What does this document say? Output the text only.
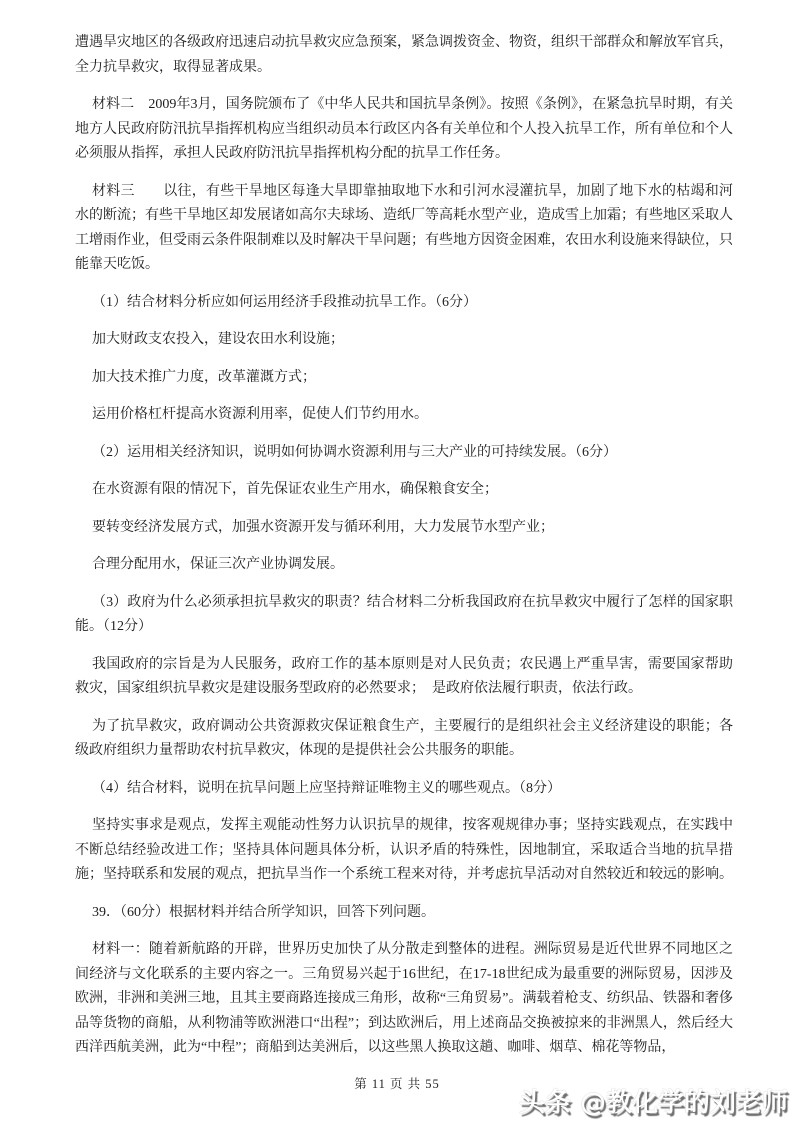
遭遇旱灾地区的各级政府迅速启动抗旱救灾应急预案，紧急调拨资金、物资，组织干部群众和解放军官兵，全力抗旱救灾，取得显著成果。

材料二　2009年3月，国务院颁布了《中华人民共和国抗旱条例》。按照《条例》，在紧急抗旱时期，有关地方人民政府防汛抗旱指挥机构应当组织动员本行政区内各有关单位和个人投入抗旱工作，所有单位和个人必须服从指挥，承担人民政府防汛抗旱指挥机构分配的抗旱工作任务。

材料三　　以往，有些干旱地区每逢大旱即靠抽取地下水和引河水浸灌抗旱，加剧了地下水的枯竭和河水的断流；有些干旱地区却发展诸如高尔夫球场、造纸厂等高耗水型产业，造成雪上加霜；有些地区采取人工增雨作业，但受雨云条件限制难以及时解决干旱问题；有些地方因资金困难，农田水利设施来得缺位，只能靠天吃饭。

（1）结合材料分析应如何运用经济手段推动抗旱工作。（6分）

加大财政支农投入，建设农田水利设施；

加大技术推广力度，改革灌溉方式；

运用价格杠杆提高水资源利用率，促使人们节约用水。

（2）运用相关经济知识，说明如何协调水资源利用与三大产业的可持续发展。（6分）

在水资源有限的情况下，首先保证农业生产用水，确保粮食安全；

要转变经济发展方式，加强水资源开发与循环利用，大力发展节水型产业；

合理分配用水，保证三次产业协调发展。

（3）政府为什么必须承担抗旱救灾的职责？结合材料二分析我国政府在抗旱救灾中履行了怎样的国家职能。（12分）

我国政府的宗旨是为人民服务，政府工作的基本原则是对人民负责；农民遇上严重旱害，需要国家帮助救灾，国家组织抗旱救灾是建设服务型政府的必然要求；　是政府依法履行职责，依法行政。

为了抗旱救灾，政府调动公共资源救灾保证粮食生产，主要履行的是组织社会主义经济建设的职能；各级政府组织力量帮助农村抗旱救灾，体现的是提供社会公共服务的职能。

（4）结合材料，说明在抗旱问题上应坚持辩证唯物主义的哪些观点。（8分）

坚持实事求是观点，发挥主观能动性努力认识抗旱的规律，按客观规律办事；坚持实践观点，在实践中不断总结经验改进工作；坚持具体问题具体分析，认识矛盾的特殊性，因地制宜，采取适合当地的抗旱措施；坚持联系和发展的观点，把抗旱当作一个系统工程来对待，并考虑抗旱活动对自然较近和较远的影响。

39．（60分）根据材料并结合所学知识，回答下列问题。

材料一：随着新航路的开辟，世界历史加快了从分散走到整体的进程。洲际贸易是近代世界不同地区之间经济与文化联系的主要内容之一。三角贸易兴起于16世纪，在17-18世纪成为最重要的洲际贸易，因涉及欧洲，非洲和美洲三地，且其主要商路连接成三角形，故称“三角贸易”。满载着枪支、纺织品、铁器和奢侈品等货物的商船，从利物浦等欧洲港口“出程”；到达欧洲后，用上述商品交换被掠来的非洲黑人，然后经大西洋西航美洲，此为“中程”；商船到达美洲后，以这些黑人换取这趟、咖啡、烟草、棉花等物品，

第 11 页 共 55
头条 @教化学的刘老师
